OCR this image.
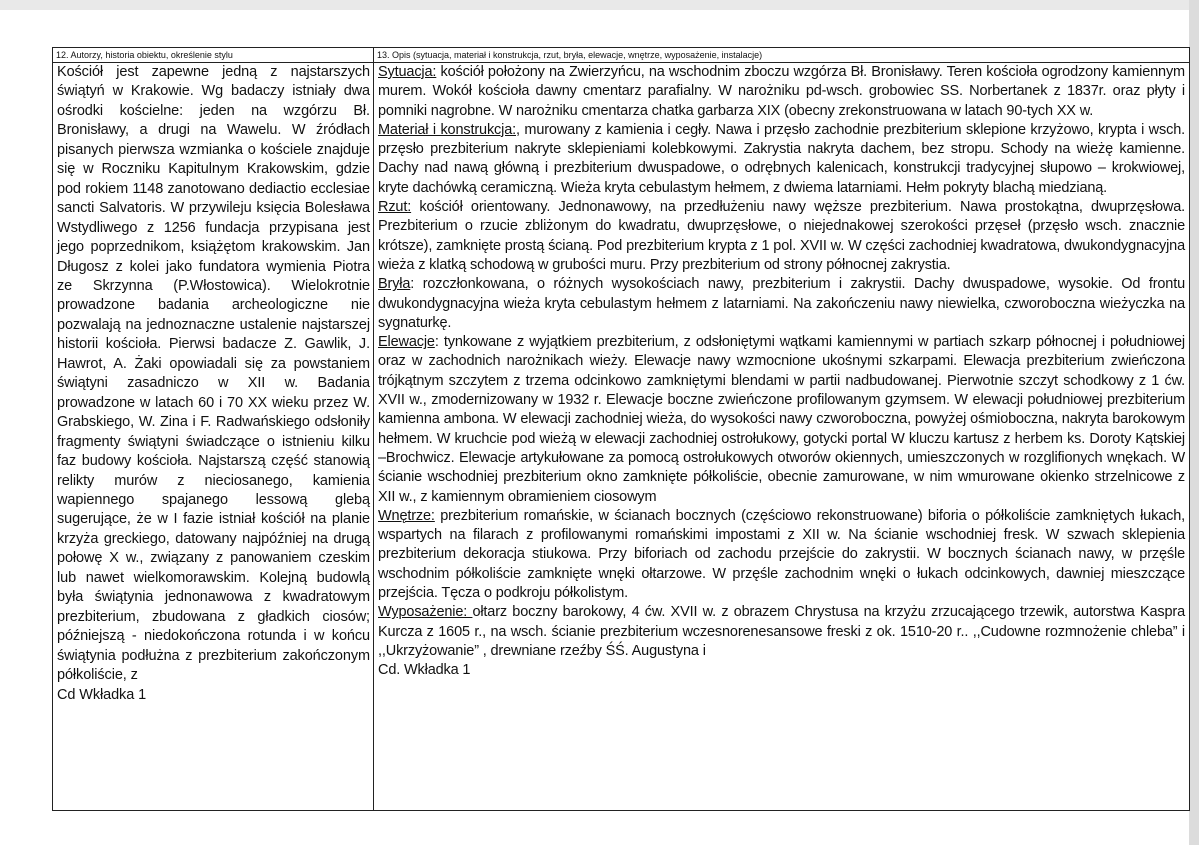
12. Autorzy, historia obiektu, określenie stylu

Kościół jest zapewne jedną z najstarszych świątyń w Krakowie. Wg badaczy istniały dwa ośrodki kościelne: jeden na wzgórzu Bł. Bronisławy, a drugi na Wawelu. W źródłach pisanych pierwsza wzmianka o kościele znajduje się w Roczniku Kapitulnym Krakowskim, gdzie pod rokiem 1148 zanotowano dediactio ecclesiae sancti Salvatoris. W przywileju księcia Bolesława Wstydliwego z 1256 fundacja przypisana jest jego poprzednikom, książętom krakowskim. Jan Długosz z kolei jako fundatora wymienia Piotra ze Skrzynna (P.Włostowica). Wielokrotnie prowadzone badania archeologiczne nie pozwalają na jednoznaczne ustalenie najstarszej historii kościoła. Pierwsi badacze Z. Gawlik, J. Hawrot, A. Żaki opowiadali się za powstaniem świątyni zasadniczo w XII w. Badania prowadzone w latach 60 i 70 XX wieku przez W. Grabskiego, W. Zina i F. Radwańskiego odsłoniły fragmenty świątyni świadczące o istnieniu kilku faz budowy kościoła. Najstarszą część stanowią relikty murów z nieciosanego, kamienia wapiennego spajanego lessową glebą sugerujące, że w I fazie istniał kościół na planie krzyża greckiego, datowany najpóźniej na drugą połowę X w., związany z panowaniem czeskim lub nawet wielkomorawskim. Kolejną budowlą była świątynia jednonawowa z kwadratowym prezbiterium, zbudowana z gładkich ciosów; późniejszą - niedokończona rotunda i w końcu świątynia podłużna z prezbiterium zakończonym półkoliście, z

Cd Wkładka 1
13. Opis (sytuacja, materiał i konstrukcja, rzut, bryła, elewacje, wnętrze, wyposażenie, instalacje)

Sytuacja: kościół położony na Zwierzyńcu, na wschodnim zboczu wzgórza Bł. Bronisławy. Teren kościoła ogrodzony kamiennym murem. Wokół kościoła dawny cmentarz parafialny. W narożniku pd-wsch. grobowiec SS. Norbertanek z 1837r. oraz płyty i pomniki nagrobne. W narożniku cmentarza chatka garbarza XIX (obecny zrekonstruowana w latach 90-tych XX w.

Materiał i konstrukcja:, murowany z kamienia i cegły. Nawa i przęsło zachodnie prezbiterium sklepione krzyżowo, krypta i wsch. przęsło prezbiterium nakryte sklepieniami kolebkowymi. Zakrystia nakryta dachem, bez stropu. Schody na wieżę kamienne. Dachy nad nawą główną i prezbiterium dwuspadowe, o odrębnych kalenicach, konstrukcji tradycyjnej słupowo – krokwiowej, kryte dachówką ceramiczną. Wieża kryta cebulastym hełmem, z dwiema latarniami. Hełm pokryty blachą miedzianą.

Rzut: kościół orientowany. Jednonawowy, na przedłużeniu nawy węższe prezbiterium. Nawa prostokątna, dwuprzęsłowa. Prezbiterium o rzucie zbliżonym do kwadratu, dwuprzęsłowe, o niejednakowej szerokości przęseł (przęsło wsch. znacznie krótsze), zamknięte prostą ścianą. Pod prezbiterium krypta z 1 pol. XVII w. W części zachodniej kwadratowa, dwukondygnacyjna wieża z klatką schodową w grubości muru. Przy prezbiterium od strony północnej zakrystia.

Bryła: rozczłonkowana, o różnych wysokościach nawy, prezbiterium i zakrystii. Dachy dwuspadowe, wysokie. Od frontu dwukondygnacyjna wieża kryta cebulastym hełmem z latarniami. Na zakończeniu nawy niewielka, czworoboczna wieżyczka na sygnaturkę.

Elewacje: tynkowane z wyjątkiem prezbiterium, z odsłoniętymi wątkami kamiennymi w partiach szkarp północnej i południowej oraz w zachodnich narożnikach wieży. Elewacje nawy wzmocnione ukośnymi szkarpami. Elewacja prezbiterium zwieńczona trójkątnym szczytem z trzema odcinkowo zamkniętymi blendami w partii nadbudowanej. Pierwotnie szczyt schodkowy z 1 ćw. XVII w., zmodernizowany w 1932 r. Elewacje boczne zwieńczone profilowanym gzymsem. W elewacji południowej prezbiterium kamienna ambona. W elewacji zachodniej wieża, do wysokości nawy czworoboczna, powyżej ośmioboczna, nakryta barokowym hełmem. W kruchcie pod wieżą w elewacji zachodniej ostrołukowy, gotycki portal W kluczu kartusz z herbem ks. Doroty Kątskiej –Brochwicz. Elewacje artykułowane za pomocą ostrołukowych otworów okiennych, umieszczonych w rozglifionych wnękach. W ścianie wschodniej prezbiterium okno zamknięte półkoliście, obecnie zamurowane, w nim wmurowane okienko strzelnicowe z XII w., z kamiennym obramieniem ciosowym

Wnętrze: prezbiterium romańskie, w ścianach bocznych (częściowo rekonstruowane) biforia o półkoliście zamkniętych łukach, wspartych na filarach z profilowanymi romańskimi impostami z XII w. Na ścianie wschodniej fresk. W szwach sklepienia prezbiterium dekoracja stiukowa. Przy biforiach od zachodu przejście do zakrystii. W bocznych ścianach nawy, w przęśle wschodnim półkoliście zamknięte wnęki ołtarzowe. W przęśle zachodnim wnęki o łukach odcinkowych, dawniej mieszczące przejścia. Tęcza o podkroju półkolistym.

Wyposażenie: ołtarz boczny barokowy, 4 ćw. XVII w. z obrazem Chrystusa na krzyżu zrzucającego trzewik, autorstwa Kaspra Kurcza z 1605 r., na wsch. ścianie prezbiterium wczesnorenesansowe freski z ok. 1510-20 r.. ,,Cudowne rozmnożenie chleba” i ,,Ukrzyżowanie” , drewniane rzeźby ŚŚ. Augustyna i

Cd. Wkładka 1
